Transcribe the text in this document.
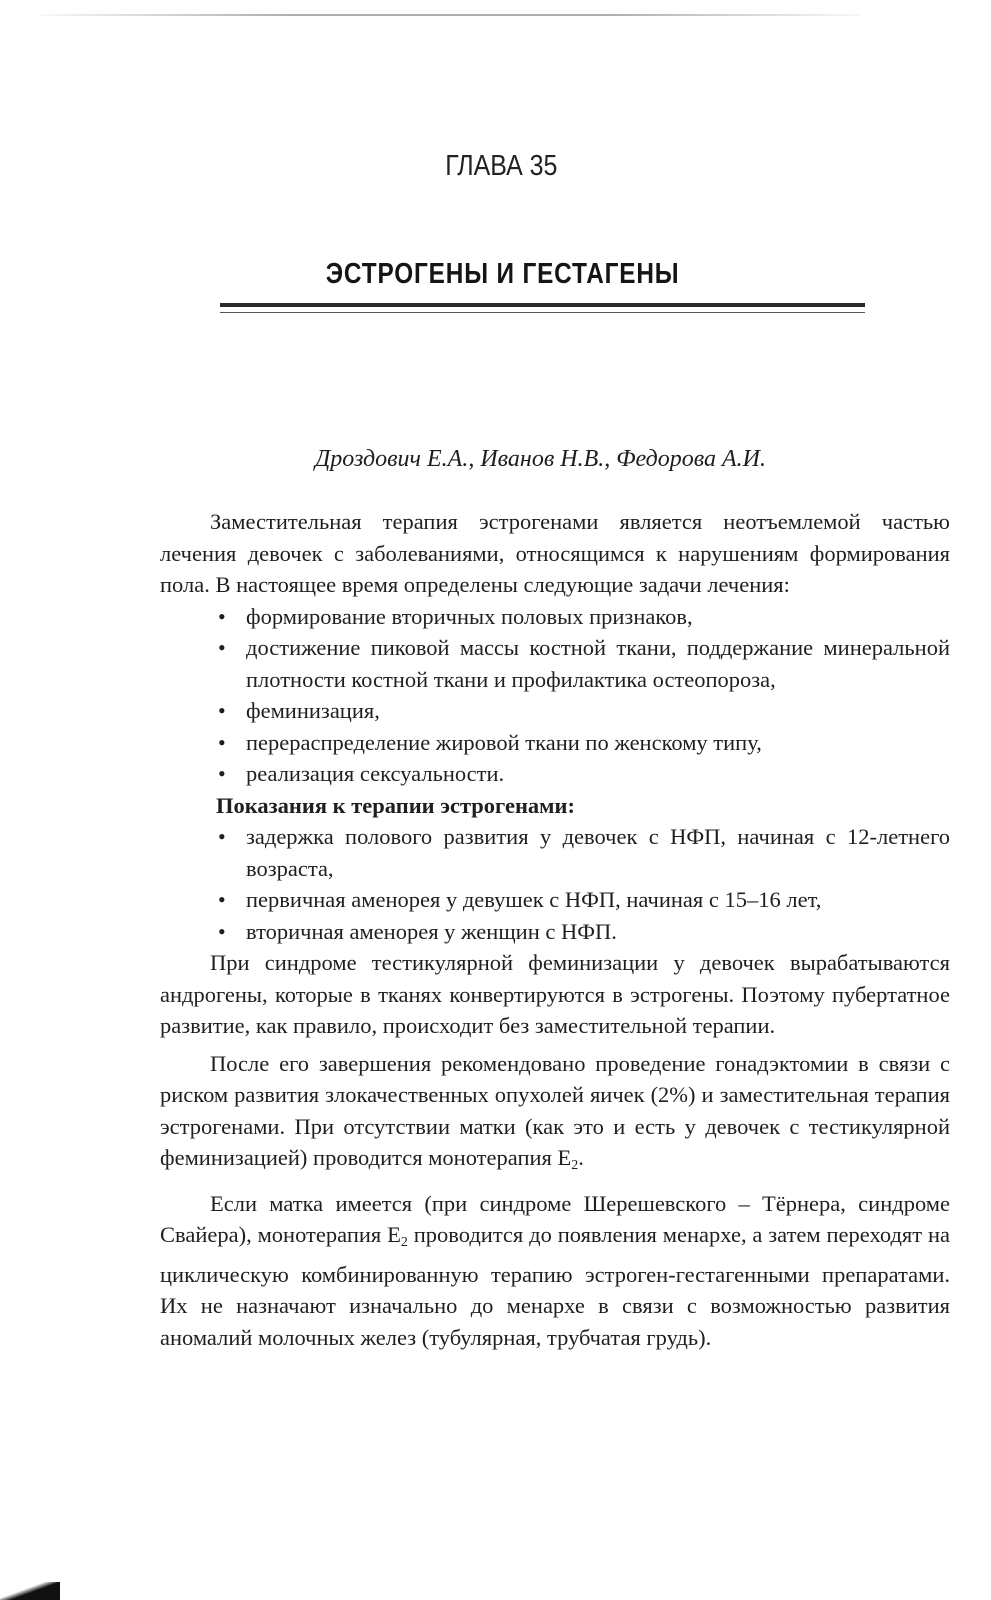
ГЛАВА 35
ЭСТРОГЕНЫ И ГЕСТАГЕНЫ
Дроздович Е.А., Иванов Н.В., Федорова А.И.

Заместительная терапия эстрогенами является неотъемлемой частью лечения девочек с заболеваниями, относящимся к нарушениям формирования пола. В настоящее время определены следующие задачи лечения:

• формирование вторичных половых признаков,
• достижение пиковой массы костной ткани, поддержание минеральной плотности костной ткани и профилактика остеопороза,
• феминизация,
• перераспределение жировой ткани по женскому типу,
• реализация сексуальности.

Показания к терапии эстрогенами:

• задержка полового развития у девочек с НФП, начиная с 12-летнего возраста,
• первичная аменорея у девушек с НФП, начиная с 15–16 лет,
• вторичная аменорея у женщин с НФП.

При синдроме тестикулярной феминизации у девочек вырабатываются андрогены, которые в тканях конвертируются в эстрогены. Поэтому пубертатное развитие, как правило, происходит без заместительной терапии.

После его завершения рекомендовано проведение гонадэктомии в связи с риском развития злокачественных опухолей яичек (2%) и заместительная терапия эстрогенами. При отсутствии матки (как это и есть у девочек с тестикулярной феминизацией) проводится монотерапия $E_2$.

Если матка имеется (при синдроме Шерешевского – Тёрнера, синдроме Свайера), монотерапия $E_2$ проводится до появления менархе, а затем переходят на циклическую комбинированную терапию эстроген-гестагенными препаратами. Их не назначают изначально до менархе в связи с возможностью развития аномалий молочных желез (тубулярная, трубчатая грудь).
